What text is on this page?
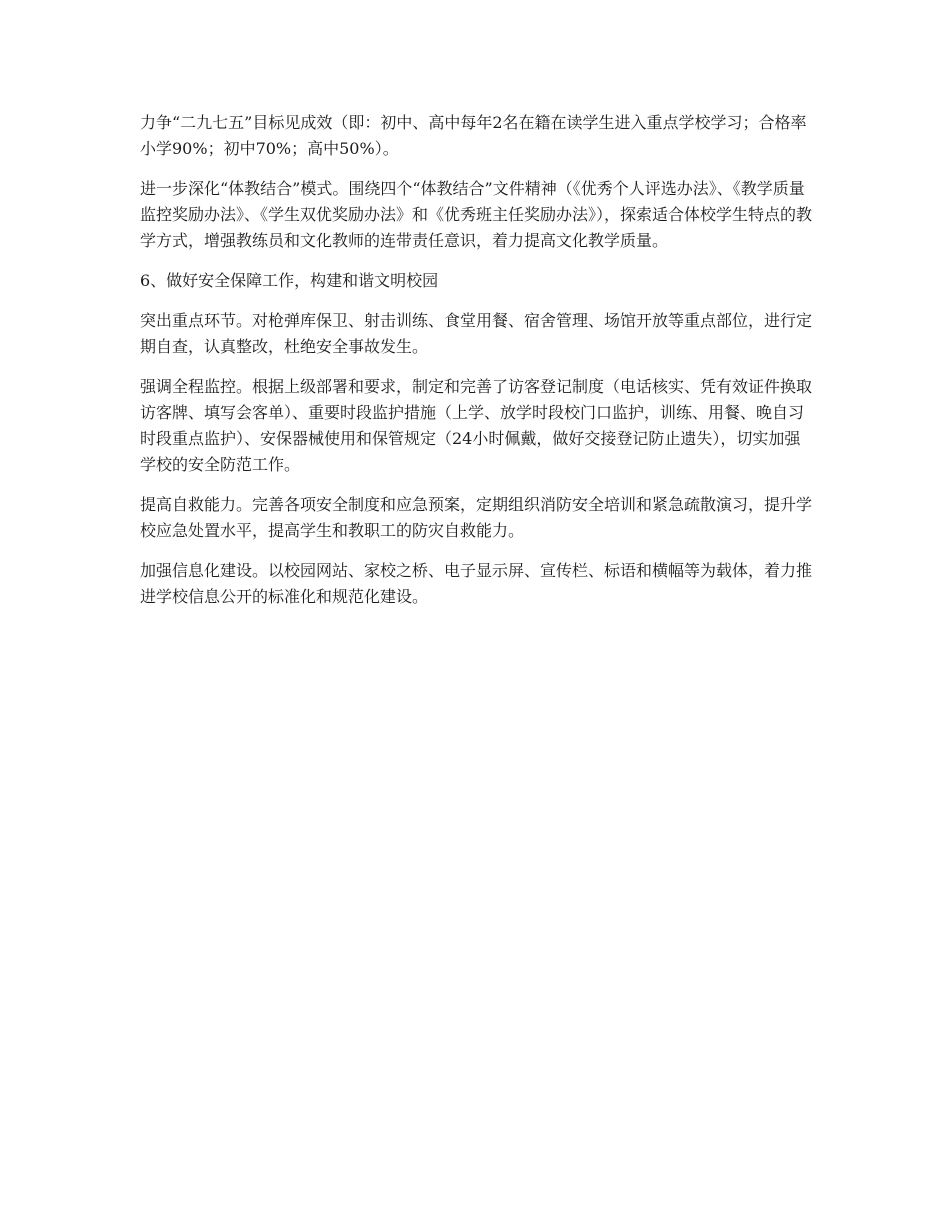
力争“二九七五”目标见成效（即：初中、高中每年2名在籍在读学生进入重点学校学习；合格率小学90%；初中70%；高中50%）。

进一步深化“体教结合”模式。围绕四个“体教结合”文件精神（《优秀个人评选办法》、《教学质量监控奖励办法》、《学生双优奖励办法》和《优秀班主任奖励办法》），探索适合体校学生特点的教学方式，增强教练员和文化教师的连带责任意识，着力提高文化教学质量。

6、做好安全保障工作，构建和谐文明校园

突出重点环节。对枪弹库保卫、射击训练、食堂用餐、宿舍管理、场馆开放等重点部位，进行定期自查，认真整改，杜绝安全事故发生。

强调全程监控。根据上级部署和要求，制定和完善了访客登记制度（电话核实、凭有效证件换取访客牌、填写会客单）、重要时段监护措施（上学、放学时段校门口监护，训练、用餐、晚自习时段重点监护）、安保器械使用和保管规定（24小时佩戴，做好交接登记防止遗失），切实加强学校的安全防范工作。

提高自救能力。完善各项安全制度和应急预案，定期组织消防安全培训和紧急疏散演习，提升学校应急处置水平，提高学生和教职工的防灾自救能力。

加强信息化建设。以校园网站、家校之桥、电子显示屏、宣传栏、标语和横幅等为载体，着力推进学校信息公开的标准化和规范化建设。
